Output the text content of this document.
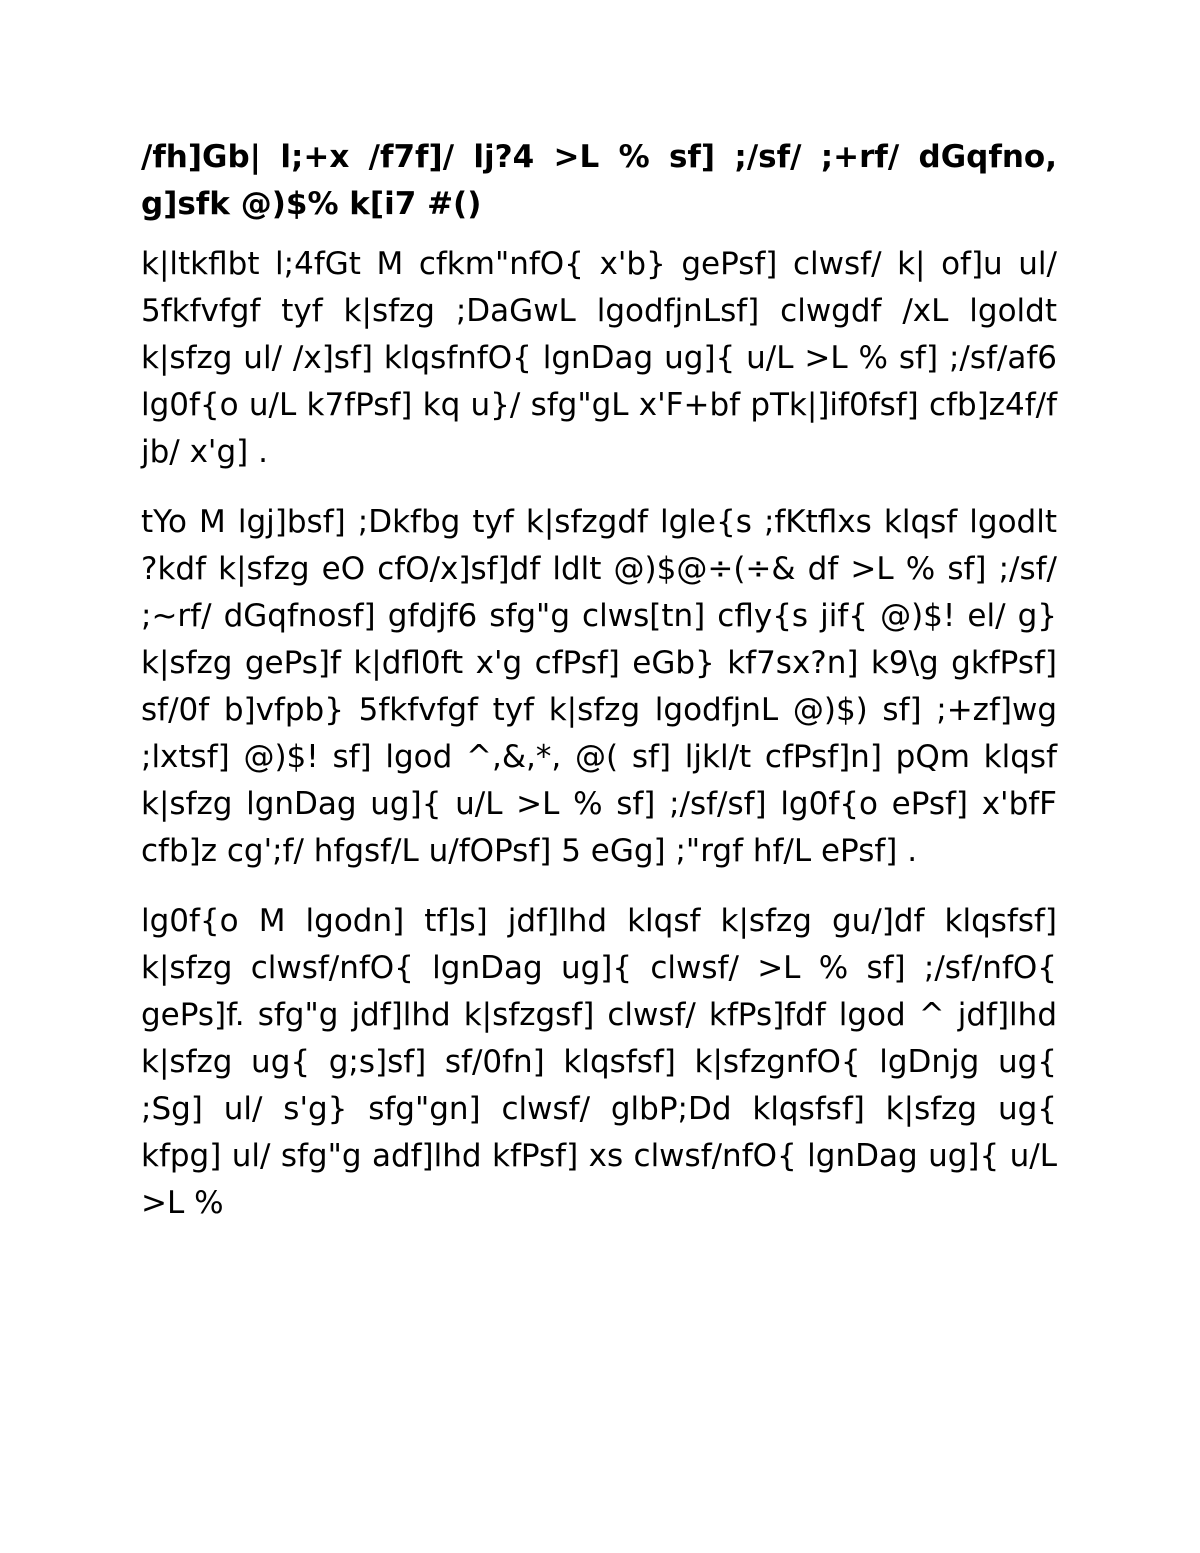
/fh]Gb| l;+x /f7f]/ lj?4 >L % sf] ;/sf/ ;+rf/ dGqfno, g]sfk @)$% k[i7 #()

k|ltkflbt l;4fGt M cfkm"nfO{ x'b} gePsf] clwsf/ k| of]u ul/ 5fkfvfgf tyf k|sfzg ;DaGwL lgodfjnLsf] clwgdf /xL lgoldt k|sfzg ul/ /x]sf] klqsfnfO{ lgnDag ug]{ u/L >L % sf] ;/sf/af6 lg0f{o u/L k7fPsf] kq u}/ sfg"gL x'F+bf pTk|]if0fsf] cfb]z4f/f jb/ x'g] .

tYo M lgj]bsf] ;Dkfbg tyf k|sfzgdf lgle{s ;fKtflxs klqsf lgodlt ?kdf k|sfzg eO cfO/x]sf]df ldlt @)$@÷(÷& df >L % sf] ;/sf/ ;~rf/ dGqfnosf] gfdjf6 sfg"g clws[tn] cfly{s jif{ @)$! el/ g} k|sfzg gePs]f k|dfl0ft x'g cfPsf] eGb} kf7sx?n] k9\g gkfPsf] sf/0f b]vfpb} 5fkfvfgf tyf k|sfzg lgodfjnL @)$) sf] ;+zf]wg ;lxtsf] @)$! sf] lgod ^,&,*, @( sf] ljkl/t cfPsf]n] pQm klqsf k|sfzg lgnDag ug]{ u/L >L % sf] ;/sf/sf] lg0f{o ePsf] x'bfF cfb]z cg';f/ hfgsf/L u/fOPsf] 5 eGg] ;"rgf hf/L ePsf] .

lg0f{o M lgodn] tf]s] jdf]lhd klqsf k|sfzg gu/]df klqsfsf] k|sfzg clwsf/nfO{ lgnDag ug]{ clwsf/ >L % sf] ;/sf/nfO{ gePs]f. sfg"g jdf]lhd k|sfzgsf] clwsf/ kfPs]fdf lgod ^ jdf]lhd k|sfzg ug{ g;s]sf] sf/0fn] klqsfsf] k|sfzgnfO{ lgDnjg ug{ ;Sg] ul/ s'g} sfg"gn] clwsf/ glbP;Dd klqsfsf] k|sfzg ug{ kfpg] ul/ sfg"g adf]lhd kfPsf] xs clwsf/nfO{ lgnDag ug]{ u/L >L %
